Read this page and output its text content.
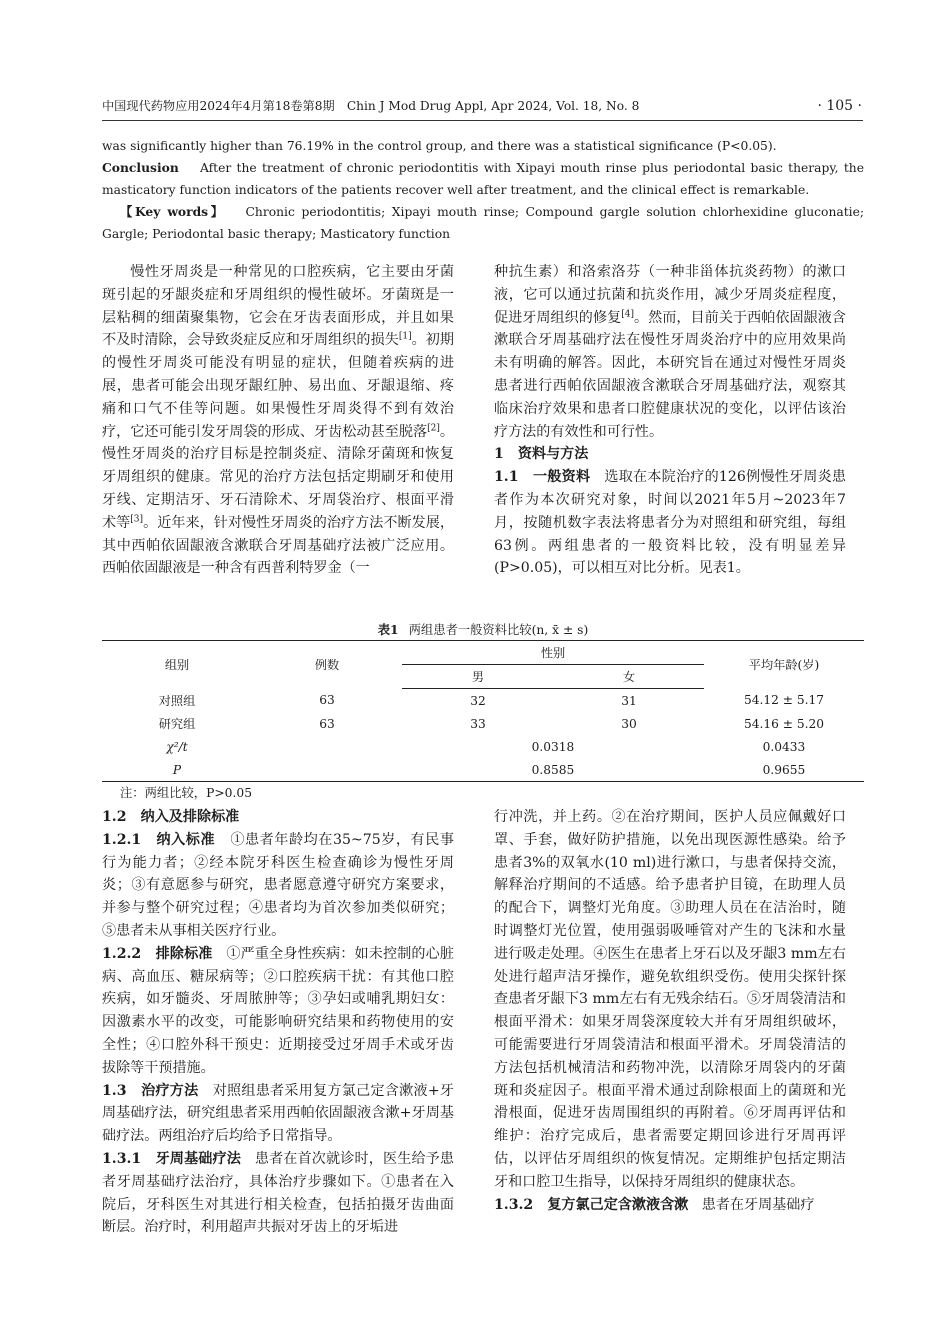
中国现代药物应用2024年4月第18卷第8期　Chin J Mod Drug Appl, Apr 2024, Vol. 18, No. 8	· 105 ·

was significantly higher than 76.19% in the control group, and there was a statistical significance (P<0.05).

Conclusion After the treatment of chronic periodontitis with Xipayi mouth rinse plus periodontal basic therapy, the masticatory function indicators of the patients recover well after treatment, and the clinical effect is remarkable.

【Key words】 Chronic periodontitis; Xipayi mouth rinse; Compound gargle solution chlorhexidine gluconatie; Gargle; Periodontal basic therapy; Masticatory function

慢性牙周炎是一种常见的口腔疾病，它主要由牙菌斑引起的牙龈炎症和牙周组织的慢性破坏。牙菌斑是一层粘稠的细菌聚集物，它会在牙齿表面形成，并且如果不及时清除，会导致炎症反应和牙周组织的损失[1]。初期的慢性牙周炎可能没有明显的症状，但随着疾病的进展，患者可能会出现牙龈红肿、易出血、牙龈退缩、疼痛和口气不佳等问题。如果慢性牙周炎得不到有效治疗，它还可能引发牙周袋的形成、牙齿松动甚至脱落[2]。慢性牙周炎的治疗目标是控制炎症、清除牙菌斑和恢复牙周组织的健康。常见的治疗方法包括定期刷牙和使用牙线、定期洁牙、牙石清除术、牙周袋治疗、根面平滑术等[3]。近年来，针对慢性牙周炎的治疗方法不断发展，其中西帕依固龈液含漱联合牙周基础疗法被广泛应用。西帕依固龈液是一种含有西普利特罗金（一

种抗生素）和洛索洛芬（一种非甾体抗炎药物）的漱口液，它可以通过抗菌和抗炎作用，减少牙周炎症程度，促进牙周组织的修复[4]。然而，目前关于西帕依固龈液含漱联合牙周基础疗法在慢性牙周炎治疗中的应用效果尚未有明确的解答。因此，本研究旨在通过对慢性牙周炎患者进行西帕依固龈液含漱联合牙周基础疗法，观察其临床治疗效果和患者口腔健康状况的变化，以评估该治疗方法的有效性和可行性。

1　资料与方法

1.1　一般资料 选取在本院治疗的126例慢性牙周炎患者作为本次研究对象，时间以2021年5月~2023年7月，按随机数字表法将患者分为对照组和研究组，每组63例。两组患者的一般资料比较，没有明显差异(P>0.05)，可以相互对比分析。见表1。

表1 两组患者一般资料比较(n, x̄ ± s)
组别	例数	性别		平均年龄(岁)
		男	女	
对照组	63	32	31	54.12 ± 5.17
研究组	63	33	30	54.16 ± 5.20
χ²/t		0.0318		0.0433
P		0.8585		0.9655
注：两组比较，P>0.05

1.2　纳入及排除标准

1.2.1　纳入标准 ①患者年龄均在35~75岁，有民事行为能力者；②经本院牙科医生检查确诊为慢性牙周炎；③有意愿参与研究，患者愿意遵守研究方案要求，并参与整个研究过程；④患者均为首次参加类似研究；⑤患者未从事相关医疗行业。

1.2.2　排除标准 ①严重全身性疾病：如未控制的心脏病、高血压、糖尿病等；②口腔疾病干扰：有其他口腔疾病，如牙髓炎、牙周脓肿等；③孕妇或哺乳期妇女：因激素水平的改变，可能影响研究结果和药物使用的安全性；④口腔外科干预史：近期接受过牙周手术或牙齿拔除等干预措施。

1.3　治疗方法 对照组患者采用复方氯己定含漱液+牙周基础疗法，研究组患者采用西帕依固龈液含漱+牙周基础疗法。两组治疗后均给予日常指导。

1.3.1　牙周基础疗法 患者在首次就诊时，医生给予患者牙周基础疗法治疗，具体治疗步骤如下。①患者在入院后，牙科医生对其进行相关检查，包括拍摄牙齿曲面断层。治疗时，利用超声共振对牙齿上的牙垢进

行冲洗，并上药。②在治疗期间，医护人员应佩戴好口罩、手套，做好防护措施，以免出现医源性感染。给予患者3%的双氧水(10 ml)进行漱口，与患者保持交流，解释治疗期间的不适感。给予患者护目镜，在助理人员的配合下，调整灯光角度。③助理人员在在洁治时，随时调整灯光位置，使用强弱吸唾管对产生的飞沫和水量进行吸走处理。④医生在患者上牙石以及牙龈3 mm左右处进行超声洁牙操作，避免软组织受伤。使用尖探针探查患者牙龈下3 mm左右有无残余结石。⑤牙周袋清洁和根面平滑术：如果牙周袋深度较大并有牙周组织破坏，可能需要进行牙周袋清洁和根面平滑术。牙周袋清洁的方法包括机械清洁和药物冲洗，以清除牙周袋内的牙菌斑和炎症因子。根面平滑术通过刮除根面上的菌斑和光滑根面，促进牙齿周围组织的再附着。⑥牙周再评估和维护：治疗完成后，患者需要定期回诊进行牙周再评估，以评估牙周组织的恢复情况。定期维护包括定期洁牙和口腔卫生指导，以保持牙周组织的健康状态。

1.3.2　复方氯己定含漱液含漱 患者在牙周基础疗
